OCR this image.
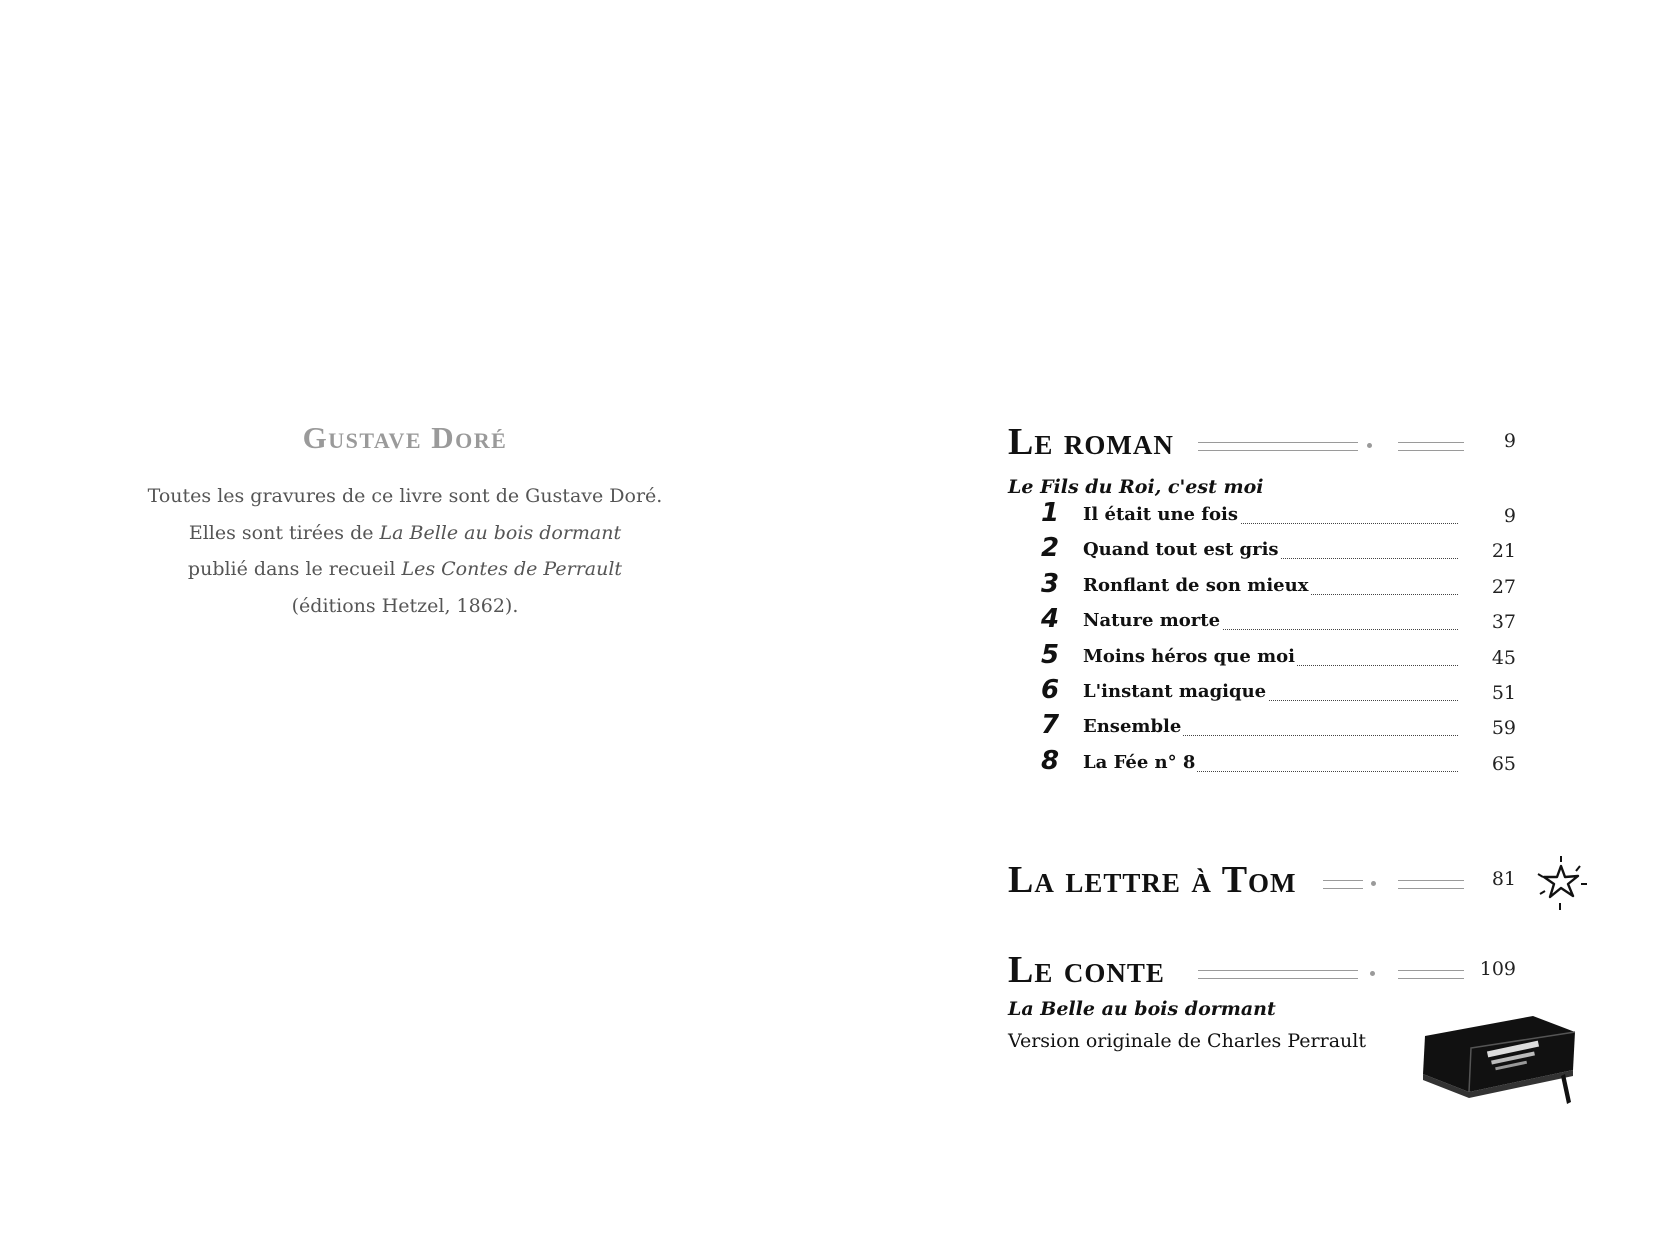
Gustave Doré

Toutes les gravures de ce livre sont de Gustave Doré.

Elles sont tirées de La Belle au bois dormant

publié dans le recueil Les Contes de Perrault

(éditions Hetzel, 1862).

Le roman	9
Le Fils du Roi, c'est moi
1 Il était une fois	9
2 Quand tout est gris	21
3 Ronflant de son mieux	27
4 Nature morte	37
5 Moins héros que moi	45
6 L'instant magique	51
7 Ensemble	59
8 La Fée n° 8	65
La lettre à Tom	81
Le conte	109
La Belle au bois dormant
Version originale de Charles Perrault
